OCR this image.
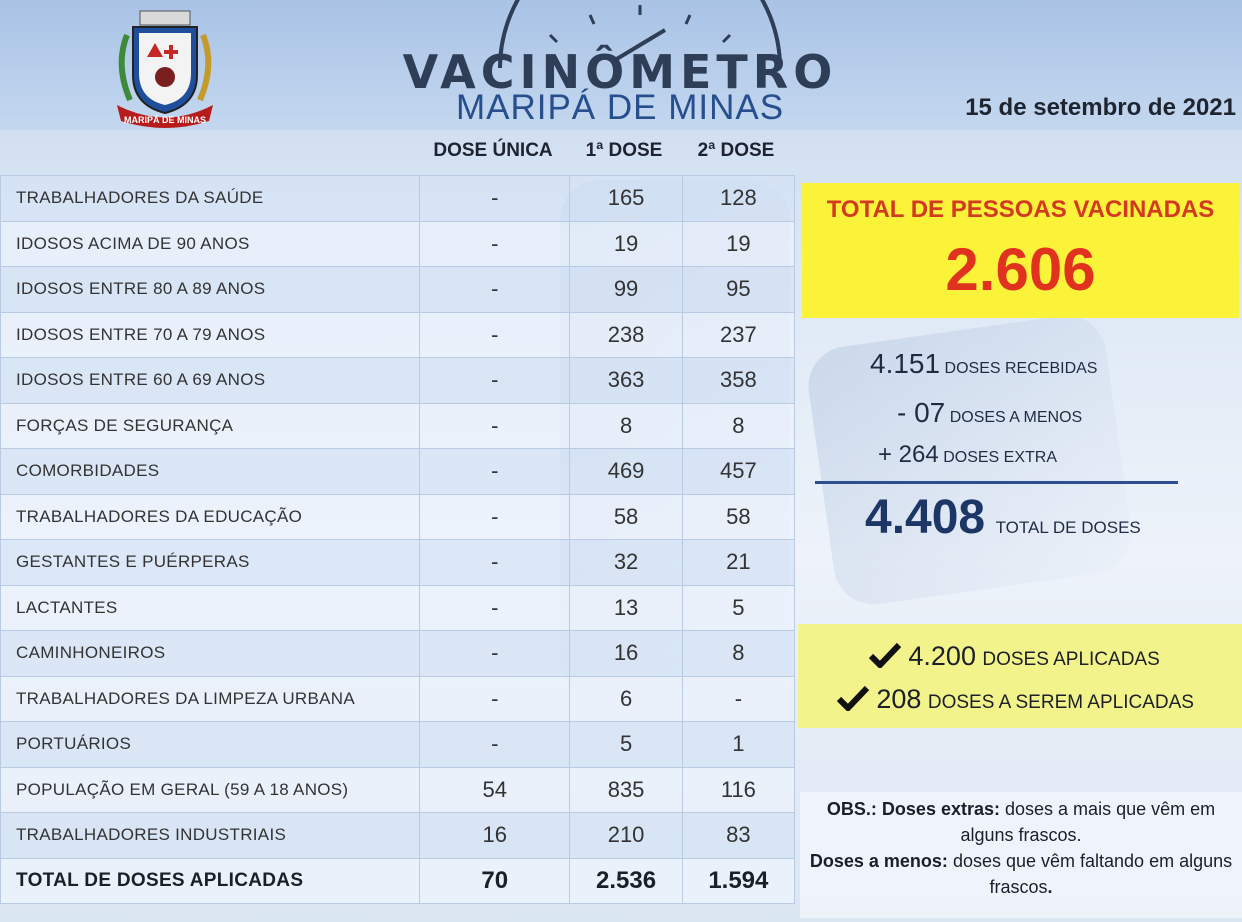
MARIPÁ DE MINAS
VACINÔMETRO
MARIPÁ DE MINAS	15 de setembro de 2021
DOSE ÚNICA	1ª DOSE	2ª DOSE
TRABALHADORES DA SAÚDE	-	165	128
IDOSOS ACIMA DE 90 ANOS	-	19	19
IDOSOS ENTRE 80 A 89 ANOS	-	99	95
IDOSOS ENTRE 70 A 79 ANOS	-	238	237
IDOSOS ENTRE 60 A 69 ANOS	-	363	358
FORÇAS DE SEGURANÇA	-	8	8
COMORBIDADES	-	469	457
TRABALHADORES DA EDUCAÇÃO	-	58	58
GESTANTES E PUÉRPERAS	-	32	21
LACTANTES	-	13	5
CAMINHONEIROS	-	16	8
TRABALHADORES DA LIMPEZA URBANA	-	6	-
PORTUÁRIOS	-	5	1
POPULAÇÃO EM GERAL (59 A 18 ANOS)	54	835	116
TRABALHADORES INDUSTRIAIS	16	210	83
TOTAL DE DOSES APLICADAS	70	2.536	1.594
TOTAL DE PESSOAS VACINADAS
2.606
4.151 DOSES RECEBIDAS
- 07 DOSES A MENOS
+ 264 DOSES EXTRA
4.408 TOTAL DE DOSES
4.200 DOSES APLICADAS
208 DOSES A SEREM APLICADAS
OBS.: Doses extras: doses a mais que vêm em alguns frascos.
Doses a menos: doses que vêm faltando em alguns frascos.
